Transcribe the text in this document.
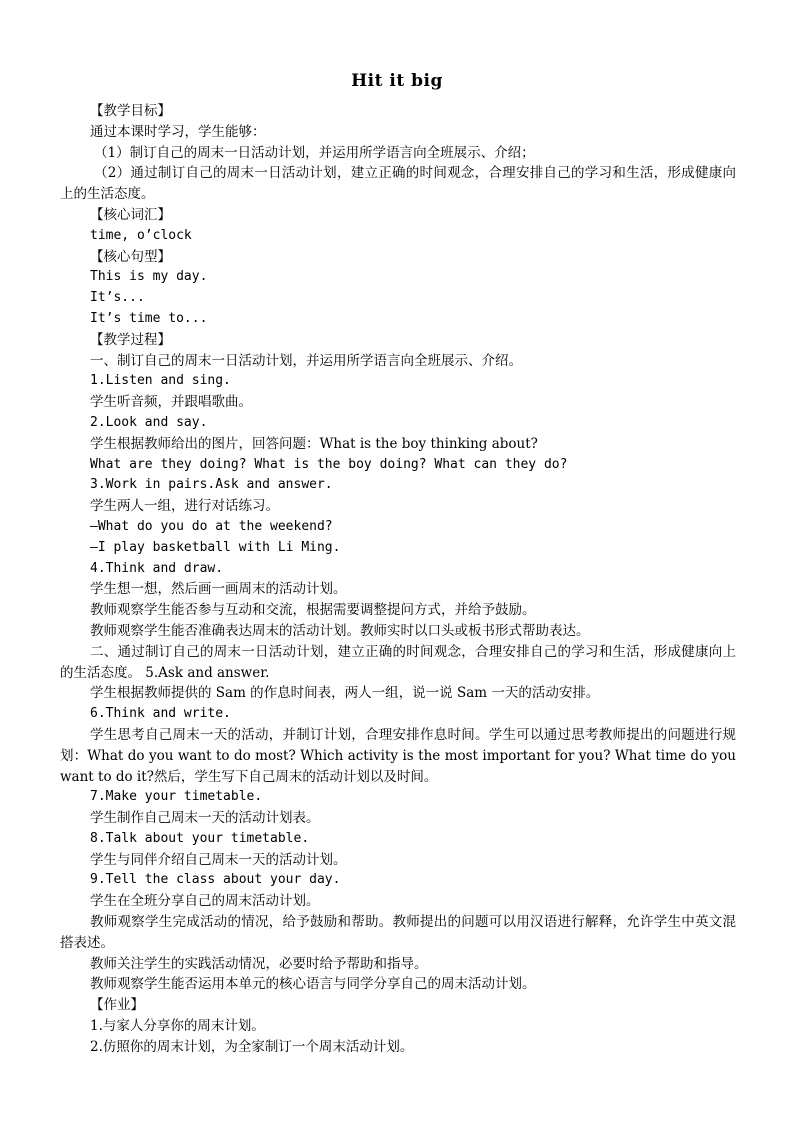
Hit it big

【教学目标】

通过本课时学习，学生能够：

（1）制订自己的周末一日活动计划，并运用所学语言向全班展示、介绍；

（2）通过制订自己的周末一日活动计划，建立正确的时间观念，合理安排自己的学习和生活，形成健康向上的生活态度。

【核心词汇】

time, o’clock

【核心句型】

This is my day.

It’s...

It’s time to...

【教学过程】

一、制订自己的周末一日活动计划，并运用所学语言向全班展示、介绍。

1.Listen and sing.

学生听音频，并跟唱歌曲。

2.Look and say.

学生根据教师给出的图片，回答问题：What is the boy thinking about?

What are they doing? What is the boy doing? What can they do?

3.Work in pairs.Ask and answer.

学生两人一组，进行对话练习。

—What do you do at the weekend?

—I play basketball with Li Ming.

4.Think and draw.

学生想一想，然后画一画周末的活动计划。

教师观察学生能否参与互动和交流，根据需要调整提问方式，并给予鼓励。

教师观察学生能否准确表达周末的活动计划。教师实时以口头或板书形式帮助表达。

二、通过制订自己的周末一日活动计划，建立正确的时间观念，合理安排自己的学习和生活，形成健康向上的生活态度。 5.Ask and answer.

学生根据教师提供的 Sam 的作息时间表，两人一组，说一说 Sam 一天的活动安排。

6.Think and write.

学生思考自己周末一天的活动，并制订计划，合理安排作息时间。学生可以通过思考教师提出的问题进行规划：What do you want to do most? Which activity is the most important for you? What time do you want to do it?然后，学生写下自己周末的活动计划以及时间。

7.Make your timetable.

学生制作自己周末一天的活动计划表。

8.Talk about your timetable.

学生与同伴介绍自己周末一天的活动计划。

9.Tell the class about your day.

学生在全班分享自己的周末活动计划。

教师观察学生完成活动的情况，给予鼓励和帮助。教师提出的问题可以用汉语进行解释，允许学生中英文混搭表述。

教师关注学生的实践活动情况，必要时给予帮助和指导。

教师观察学生能否运用本单元的核心语言与同学分享自己的周末活动计划。

【作业】

1.与家人分享你的周末计划。

2.仿照你的周末计划，为全家制订一个周末活动计划。
